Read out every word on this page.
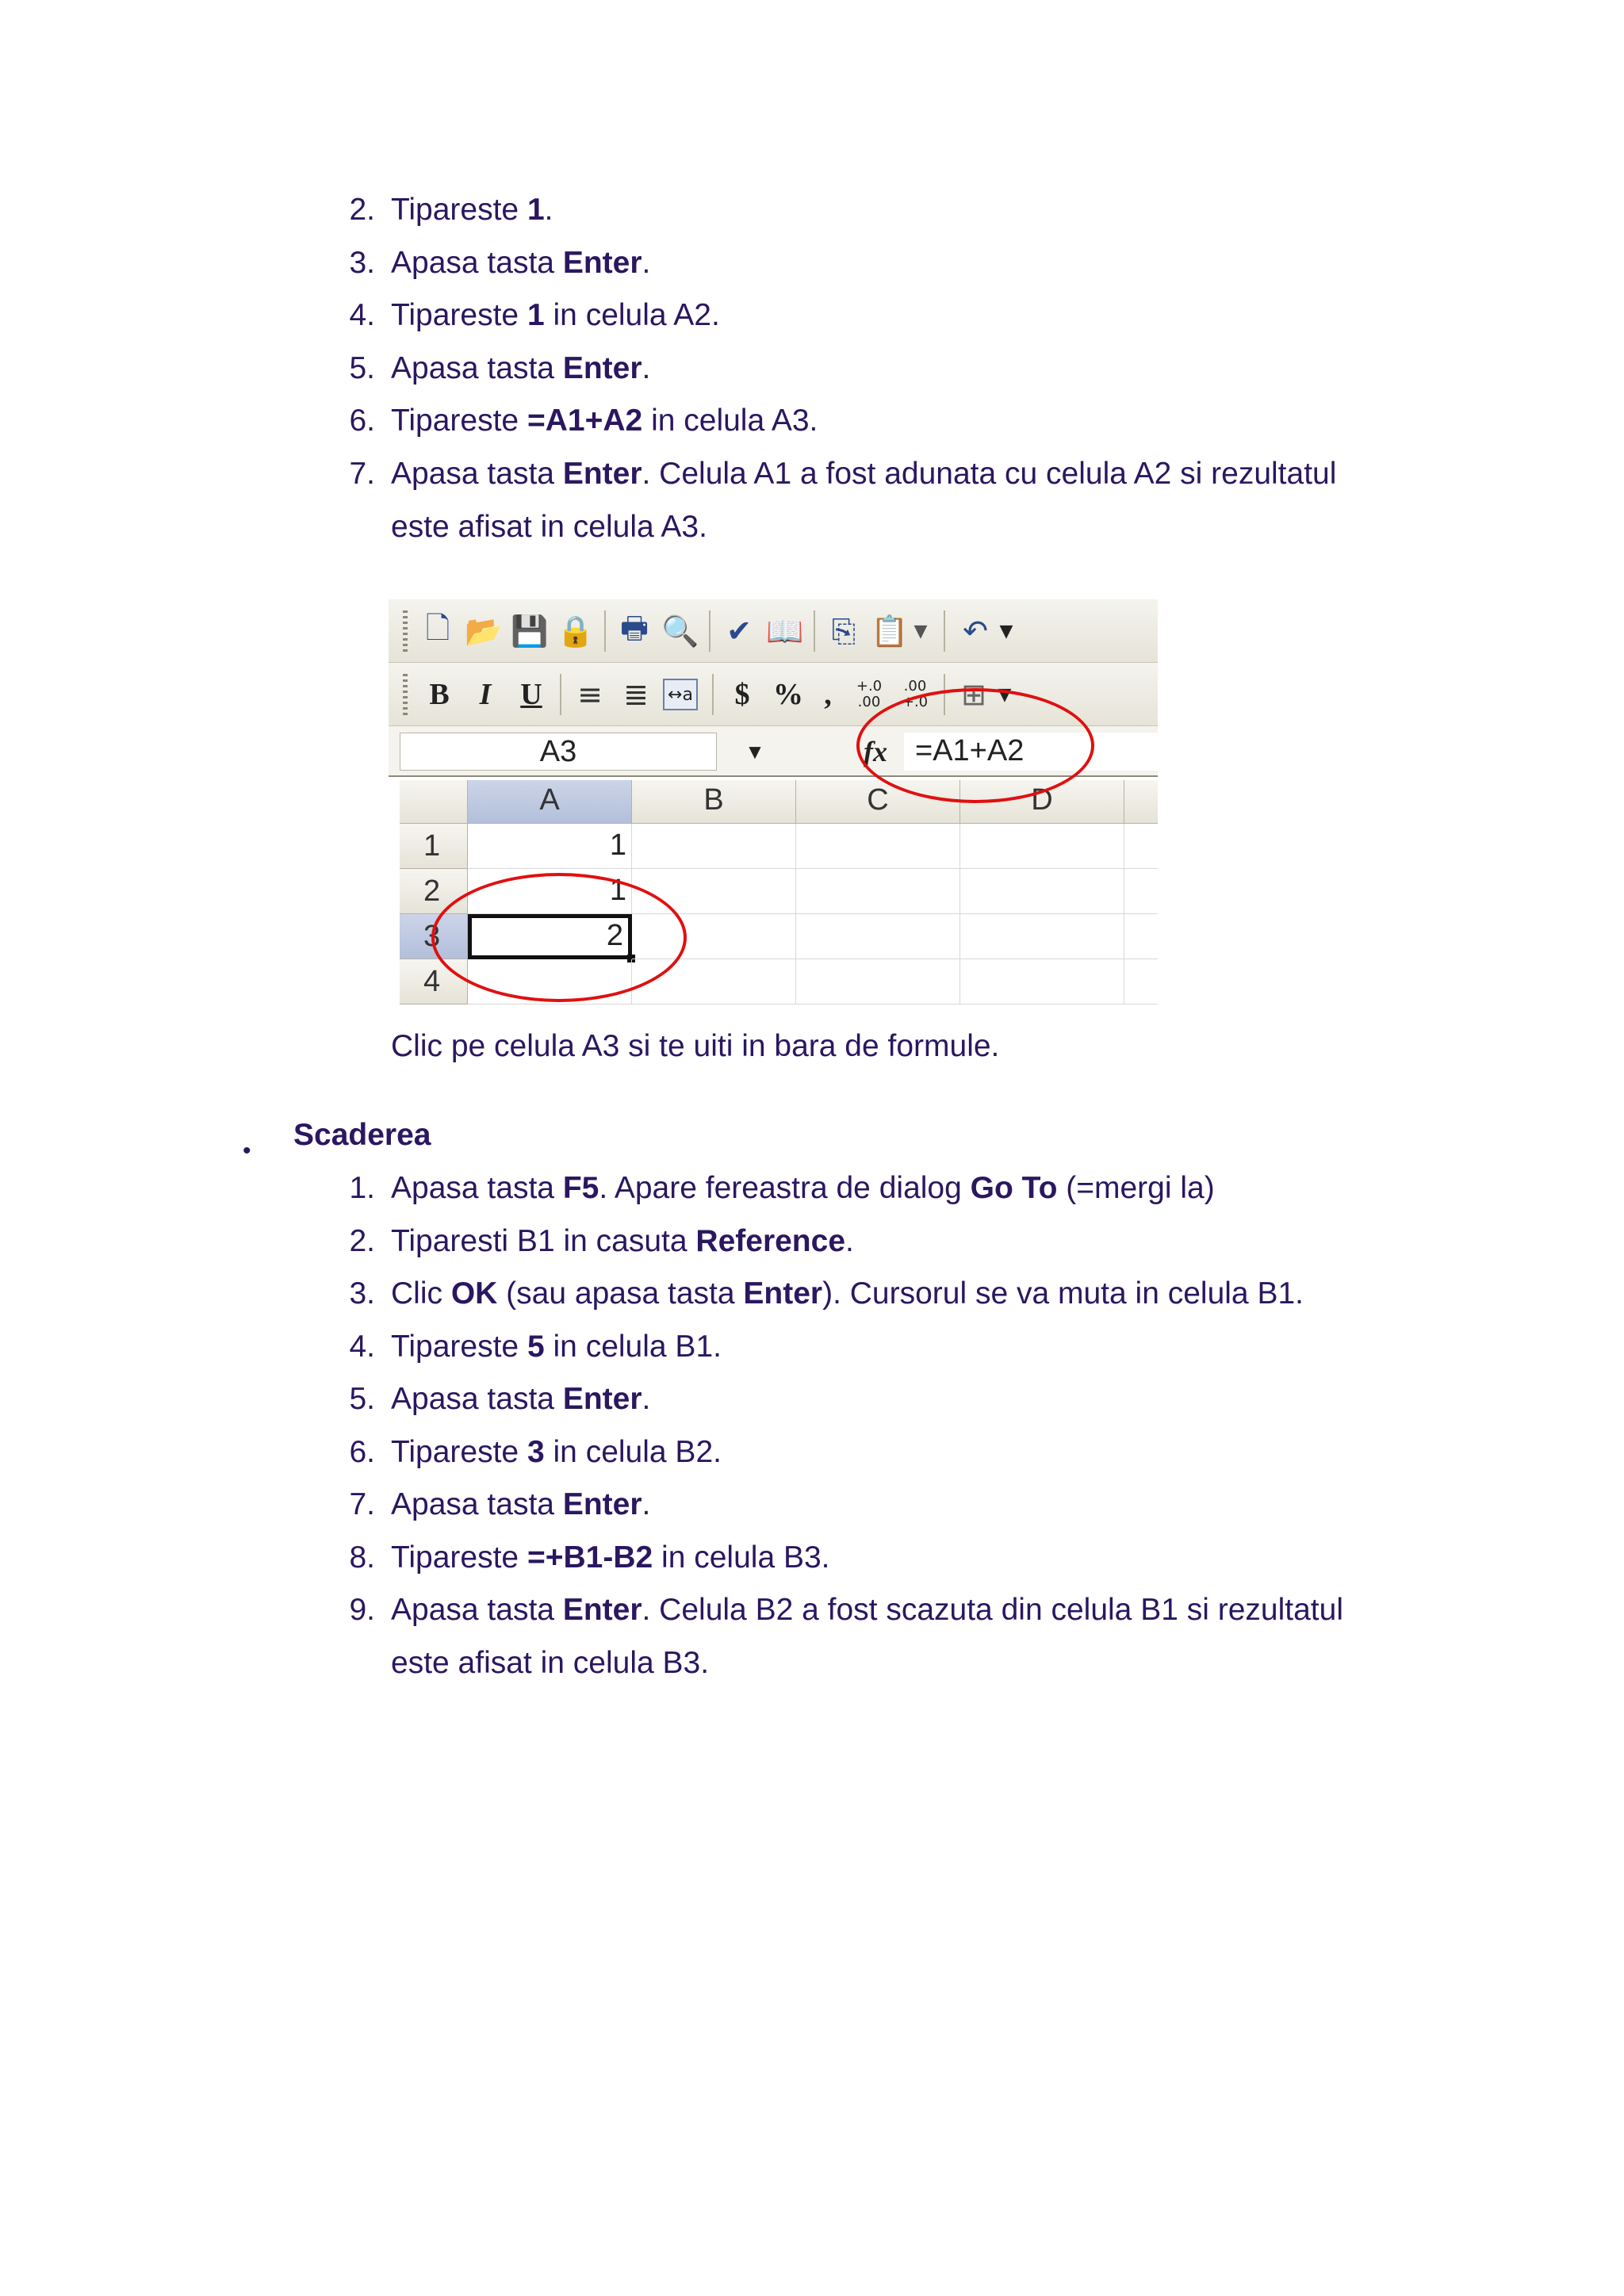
2. Tipareste 1.
3. Apasa tasta Enter.
4. Tipareste 1 in celula A2.
5. Apasa tasta Enter.
6. Tipareste =A1+A2 in celula A3.
7. Apasa tasta Enter. Celula A1 a fost adunata cu celula A2 si rezultatul
este afisat in celula A3.
🗋 📂 💾 🔒 🖶 🔍 ✔ 📖 ⎘ 📋 ▼ ↶ ▼
B I U ≡ ≣	↔a	$ % ,	+.0 .00
.00 +.0 ⊞ ▼
A3	▼	fx =A1+A2
A	B	C	D
1	1
2	1
3	2
4
Clic pe celula A3 si te uiti in bara de formule.
• Scaderea
1. Apasa tasta F5. Apare fereastra de dialog Go To (=mergi la)
2. Tiparesti B1 in casuta Reference.
3. Clic OK (sau apasa tasta Enter). Cursorul se va muta in celula B1.
4. Tipareste 5 in celula B1.
5. Apasa tasta Enter.
6. Tipareste 3 in celula B2.
7. Apasa tasta Enter.
8. Tipareste =+B1-B2 in celula B3.
9. Apasa tasta Enter. Celula B2 a fost scazuta din celula B1 si rezultatul
este afisat in celula B3.
